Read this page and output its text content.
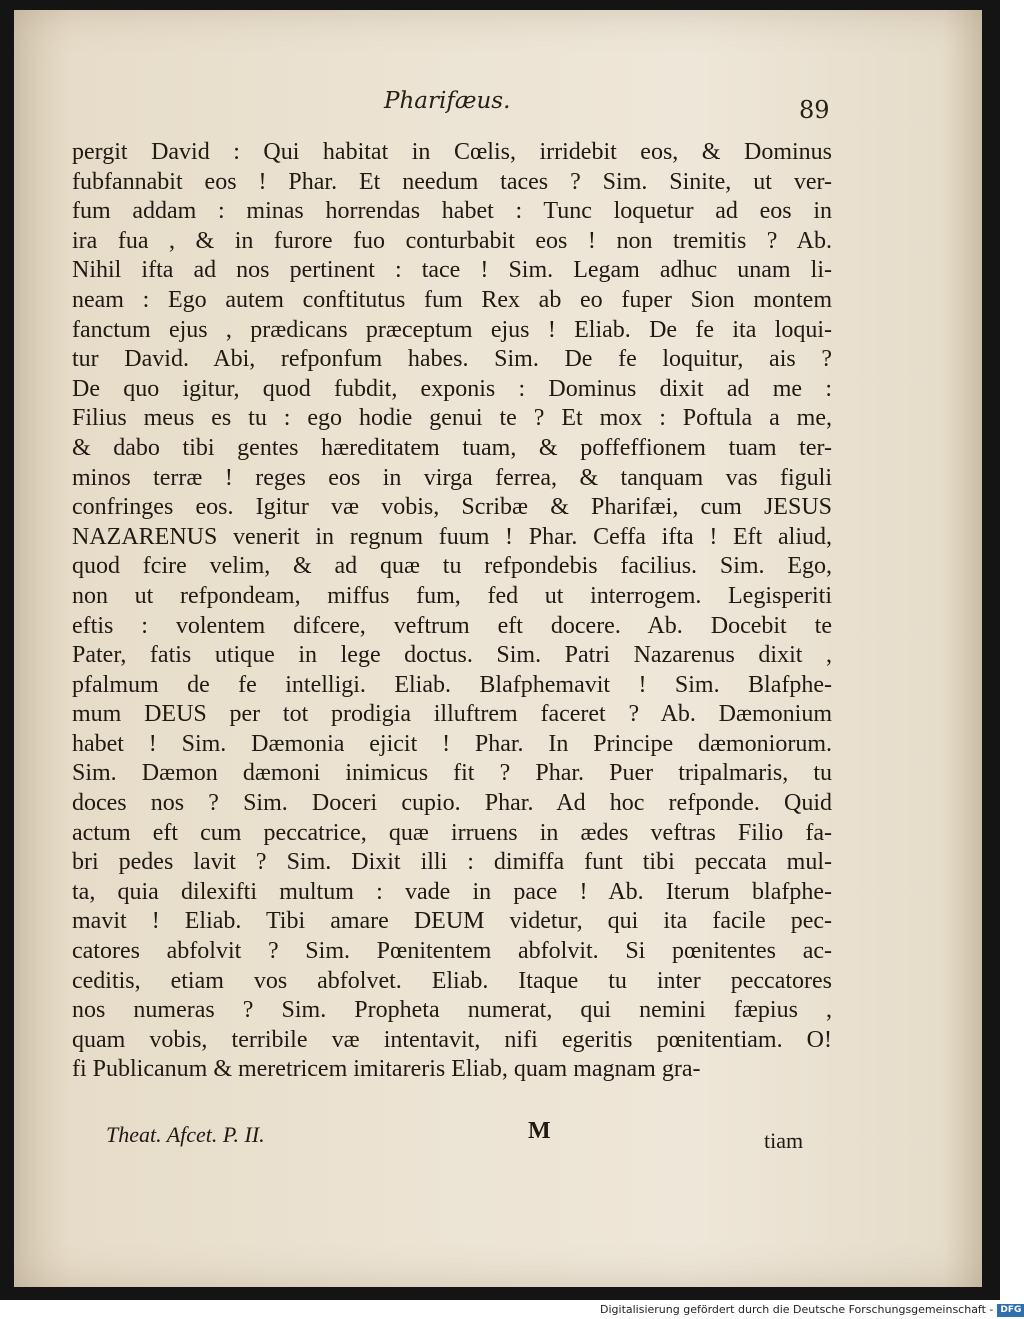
Pharifæus.	89
pergit David : Qui habitat in Cœlis, irridebit eos, & Dominus
fubfannabit eos ! Phar. Et needum taces ? Sim. Sinite, ut ver-
fum addam : minas horrendas habet : Tunc loquetur ad eos in
ira fua , & in furore fuo conturbabit eos ! non tremitis ? Ab.
Nihil ifta ad nos pertinent : tace ! Sim. Legam adhuc unam li-
neam : Ego autem conftitutus fum Rex ab eo fuper Sion montem
fanctum ejus , prædicans præceptum ejus ! Eliab. De fe ita loqui-
tur David. Abi, refponfum habes. Sim. De fe loquitur, ais ?
De quo igitur, quod fubdit, exponis : Dominus dixit ad me :
Filius meus es tu : ego hodie genui te ? Et mox : Poftula a me,
& dabo tibi gentes hæreditatem tuam, & poffeffionem tuam ter-
minos terræ ! reges eos in virga ferrea, & tanquam vas figuli
confringes eos. Igitur væ vobis, Scribæ & Pharifæi, cum JESUS
NAZARENUS venerit in regnum fuum ! Phar. Ceffa ifta ! Eft aliud,
quod fcire velim, & ad quæ tu refpondebis facilius. Sim. Ego,
non ut refpondeam, miffus fum, fed ut interrogem. Legisperiti
eftis : volentem difcere, veftrum eft docere. Ab. Docebit te
Pater, fatis utique in lege doctus. Sim. Patri Nazarenus dixit ,
pfalmum de fe intelligi. Eliab. Blafphemavit ! Sim. Blafphe-
mum DEUS per tot prodigia illuftrem faceret ? Ab. Dæmonium
habet ! Sim. Dæmonia ejicit ! Phar. In Principe dæmoniorum.
Sim. Dæmon dæmoni inimicus fit ? Phar. Puer tripalmaris, tu
doces nos ? Sim. Doceri cupio. Phar. Ad hoc refponde. Quid
actum eft cum peccatrice, quæ irruens in ædes veftras Filio fa-
bri pedes lavit ? Sim. Dixit illi : dimiffa funt tibi peccata mul-
ta, quia dilexifti multum : vade in pace ! Ab. Iterum blafphe-
mavit ! Eliab. Tibi amare DEUM videtur, qui ita facile pec-
catores abfolvit ? Sim. Pœnitentem abfolvit. Si pœnitentes ac-
ceditis, etiam vos abfolvet. Eliab. Itaque tu inter peccatores
nos numeras ? Sim. Propheta numerat, qui nemini fæpius ,
quam vobis, terribile væ intentavit, nifi egeritis pœnitentiam. O!
fi Publicanum & meretricem imitareris Eliab, quam magnam gra-
Theat. Afcet. P. II.	M	tiam
Digitalisierung gefördert durch die Deutsche Forschungsgemeinschaft - DFG
